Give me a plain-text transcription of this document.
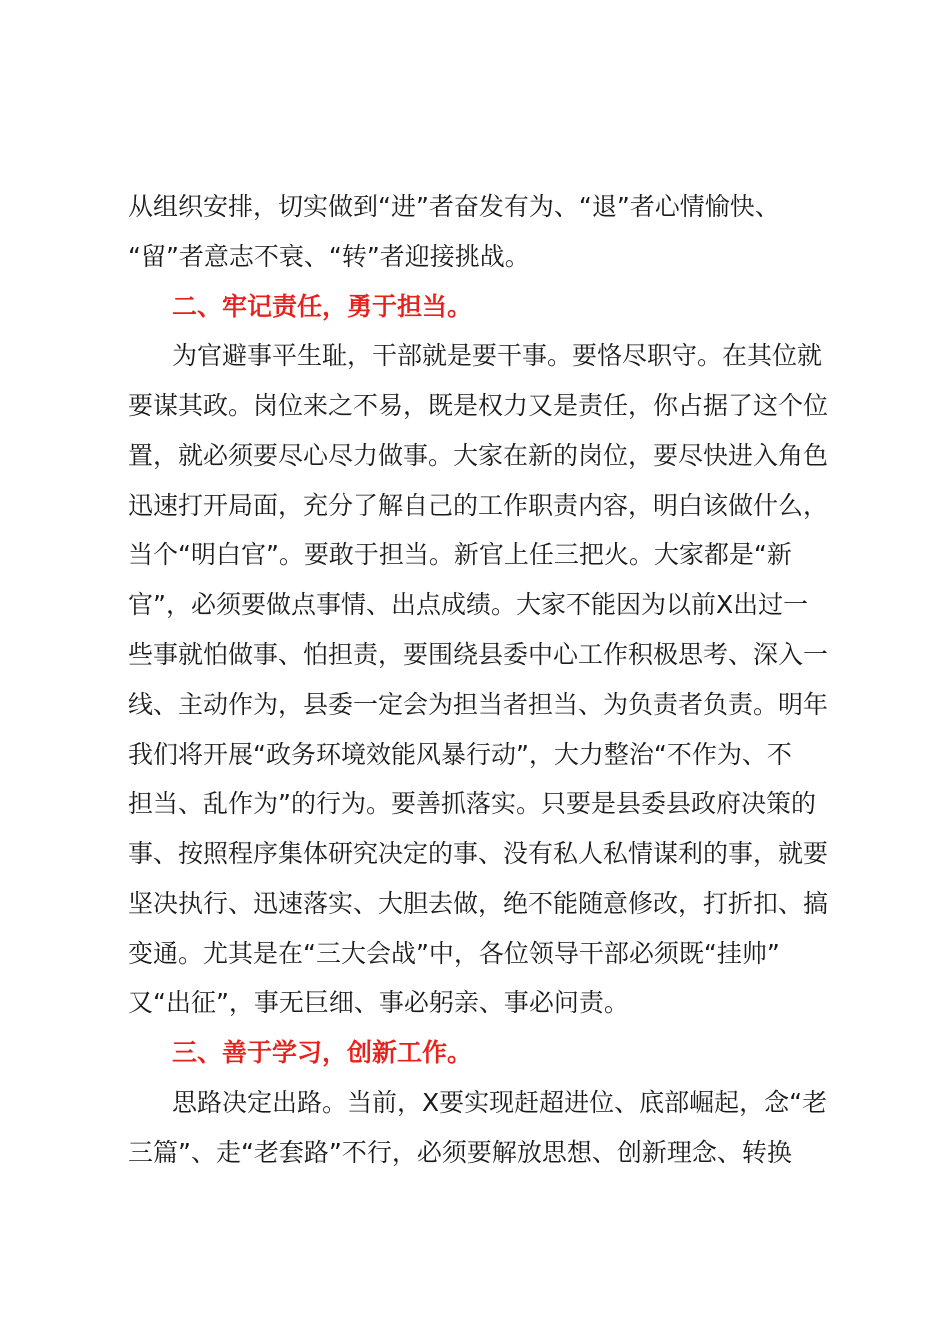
从组织安排，切实做到“进”者奋发有为、“退”者心情愉快、
“留”者意志不衰、“转”者迎接挑战。
二、牢记责任，勇于担当。
为官避事平生耻，干部就是要干事。要恪尽职守。在其位就
要谋其政。岗位来之不易，既是权力又是责任，你占据了这个位
置，就必须要尽心尽力做事。大家在新的岗位，要尽快进入角色
迅速打开局面，充分了解自己的工作职责内容，明白该做什么，
当个“明白官”。要敢于担当。新官上任三把火。大家都是“新
官”，必须要做点事情、出点成绩。大家不能因为以前X出过一
些事就怕做事、怕担责，要围绕县委中心工作积极思考、深入一
线、主动作为，县委一定会为担当者担当、为负责者负责。明年
我们将开展“政务环境效能风暴行动”，大力整治“不作为、不
担当、乱作为”的行为。要善抓落实。只要是县委县政府决策的
事、按照程序集体研究决定的事、没有私人私情谋利的事，就要
坚决执行、迅速落实、大胆去做，绝不能随意修改，打折扣、搞
变通。尤其是在“三大会战”中，各位领导干部必须既“挂帅”
又“出征”，事无巨细、事必躬亲、事必问责。
三、善于学习，创新工作。
思路决定出路。当前，X要实现赶超进位、底部崛起，念“老
三篇”、走“老套路”不行，必须要解放思想、创新理念、转换
